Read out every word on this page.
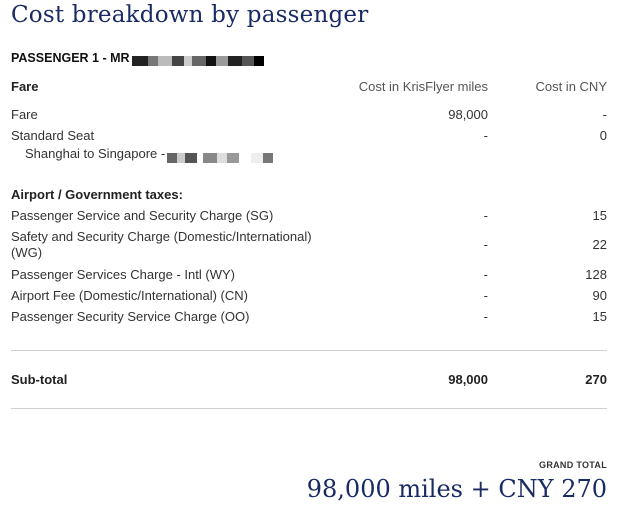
Cost breakdown by passenger
PASSENGER 1 - MR
Fare	Cost in KrisFlyer miles	Cost in CNY
Fare	98,000	-
Standard Seat	-	0
Shanghai to Singapore -
Airport / Government taxes:
Passenger Service and Security Charge (SG)	-	15
Safety and Security Charge (Domestic/International) (WG)
-	22
Passenger Services Charge - Intl (WY)	-	128
Airport Fee (Domestic/International) (CN)	-	90
Passenger Security Service Charge (OO)	-	15
Sub-total	98,000	270
GRAND TOTAL
98,000 miles + CNY 270
